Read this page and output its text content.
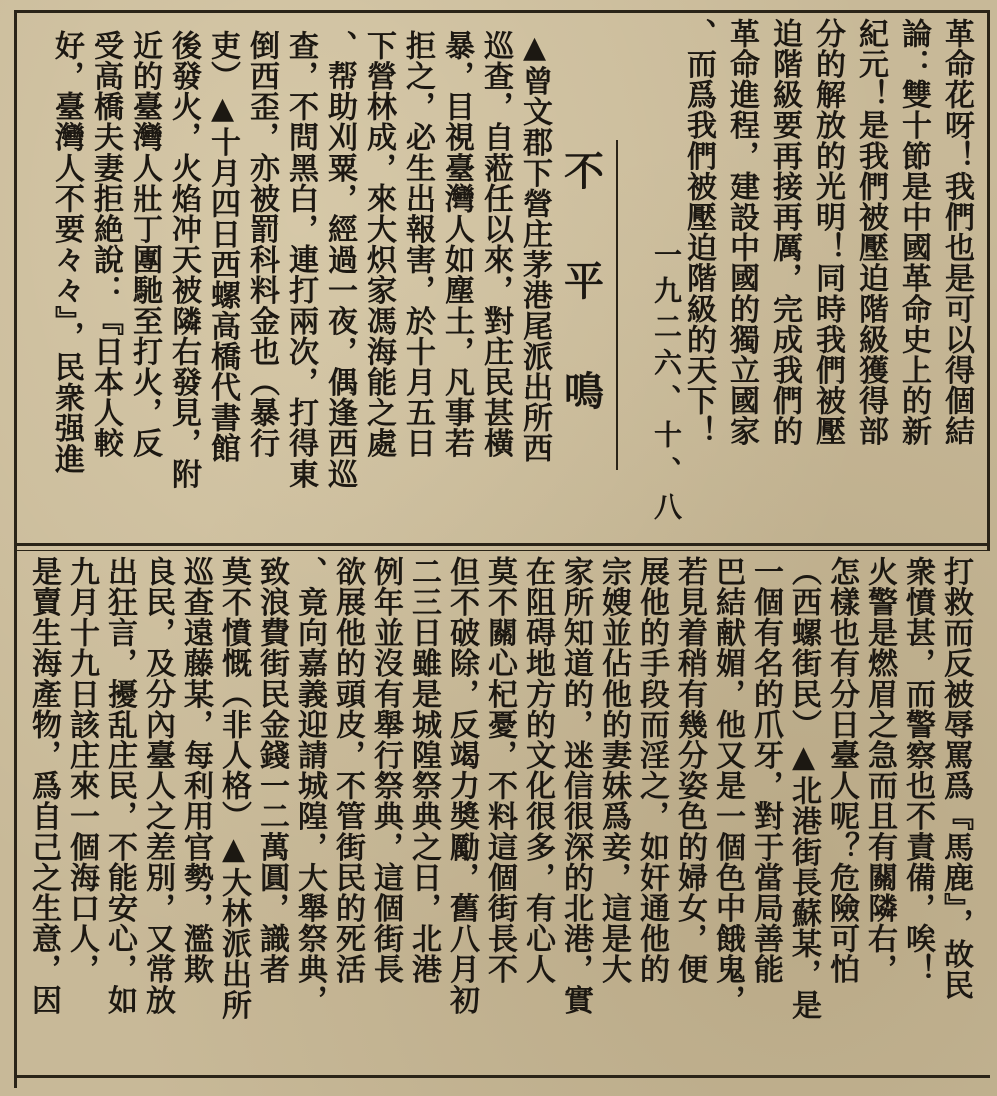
革命花呀！我們也是可以得個結
論：雙十節是中國革命史上的新
紀元！是我們被壓迫階級獲得部
分的解放的光明！同時我們被壓
迫階級要再接再厲，完成我們的
革命進程，建設中國的獨立國家
、而爲我們被壓迫階級的天下！
一九二六、十、八
不
平
鳴
▲曾文郡下營庄茅港尾派出所西
巡查，自蒞任以來，對庄民甚橫
暴，目視臺灣人如塵土，凡事若
拒之，必生出報害，於十月五日
下營林成，來大炽家馮海能之處
、帮助刈粟，經過一夜，偶逢西巡
查，不問黑白，連打兩次，打得東
倒西歪，亦被罰科料金也（暴行
吏）▲十月四日西螺高橋代書館
後發火，火焰冲天被隣右發見，附
近的臺灣人壯丁團馳至打火，反
受高橋夫妻拒絶說：『日本人較
好，臺灣人不要々々』，民衆强進
打救而反被辱罵爲『馬鹿』，故民
衆憤甚，而警察也不責備，唉！
火警是燃眉之急而且有關隣右，
怎樣也有分日臺人呢？危險可怕
（西螺街民）▲北港街長蘇某，是
一個有名的爪牙，對于當局善能
巴結献媚，他又是一個色中餓鬼，
若見着稍有幾分姿色的婦女，便
展他的手段而淫之，如奸通他的
宗嫂並佔他的妻妹爲妾，這是大
家所知道的，迷信很深的北港，實
在阻碍地方的文化很多，有心人
莫不關心杞憂，不料這個街長不
但不破除，反竭力奬勵，舊八月初
二三日雖是城隍祭典之日，北港
例年並沒有舉行祭典，這個街長
欲展他的頭皮，不管街民的死活
、竟向嘉義迎請城隍，大舉祭典，
致浪費街民金錢一二萬圓，識者
莫不憤慨（非人格）▲大林派出所
巡查遠藤某，每利用官勢，濫欺
良民，及分內臺人之差別，又常放
出狂言，擾乱庄民，不能安心，如
九月十九日該庄來一個海口人，
是賣生海產物，爲自己之生意，因
